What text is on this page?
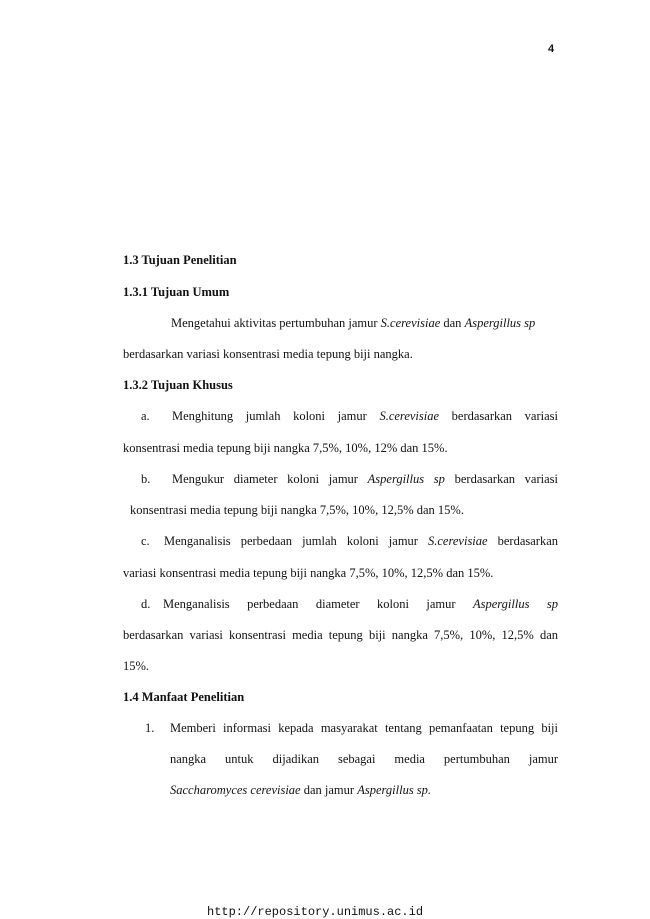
4
1.3 Tujuan Penelitian
1.3.1 Tujuan Umum
Mengetahui aktivitas pertumbuhan jamur S.cerevisiae dan Aspergillus sp
berdasarkan variasi konsentrasi media tepung biji nangka.
1.3.2 Tujuan Khusus
a. Menghitung jumlah koloni jamur S.cerevisiae berdasarkan variasi
konsentrasi media tepung biji nangka 7,5%, 10%, 12% dan 15%.
b. Mengukur diameter koloni jamur Aspergillus sp berdasarkan variasi
konsentrasi media tepung biji nangka 7,5%, 10%, 12,5% dan 15%.
c. Menganalisis perbedaan jumlah koloni jamur S.cerevisiae berdasarkan
variasi konsentrasi media tepung biji nangka 7,5%, 10%, 12,5% dan 15%.
d. Menganalisis perbedaan diameter koloni jamur Aspergillus sp
berdasarkan variasi konsentrasi media tepung biji nangka 7,5%, 10%, 12,5% dan
15%.
1.4 Manfaat Penelitian
1. Memberi informasi kepada masyarakat tentang pemanfaatan tepung biji
nangka untuk dijadikan sebagai media pertumbuhan jamur
Saccharomyces cerevisiae dan jamur Aspergillus sp.
http://repository.unimus.ac.id
